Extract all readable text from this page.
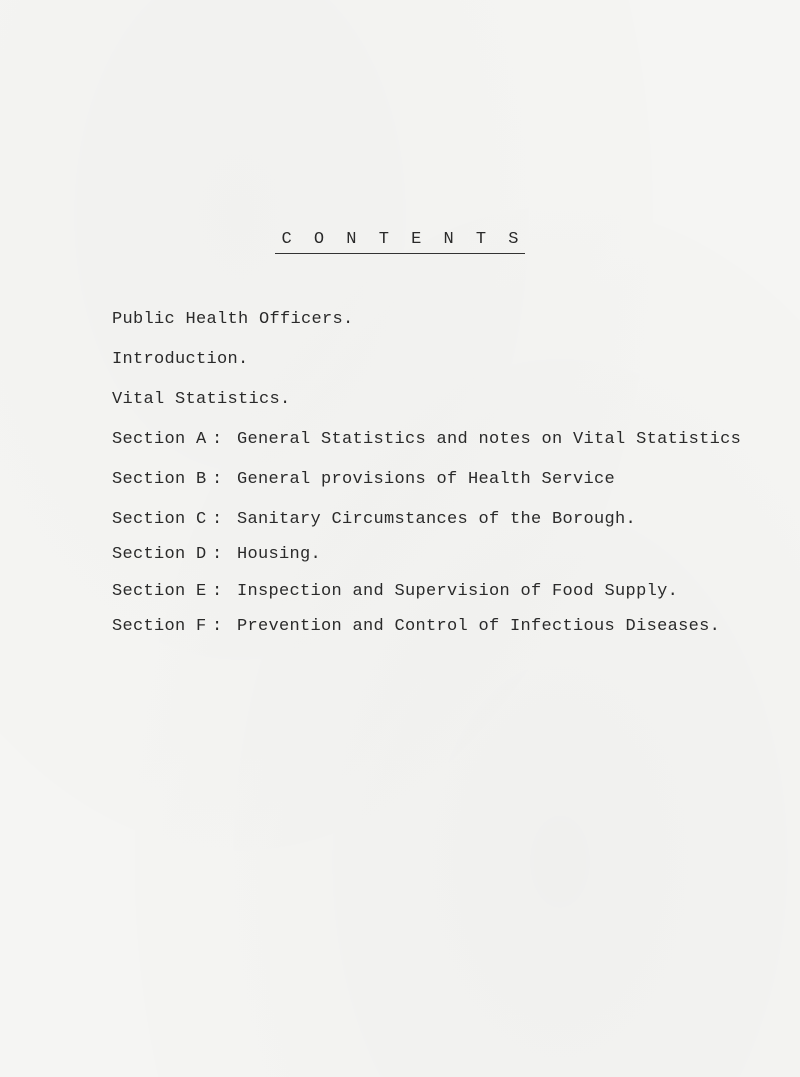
C O N T E N T S
Public Health Officers.
Introduction.
Vital Statistics.
Section A : General Statistics and notes on Vital Statistics
Section B : General provisions of Health Service
Section C : Sanitary Circumstances of the Borough.
Section D : Housing.
Section E : Inspection and Supervision of Food Supply.
Section F : Prevention and Control of Infectious Diseases.
